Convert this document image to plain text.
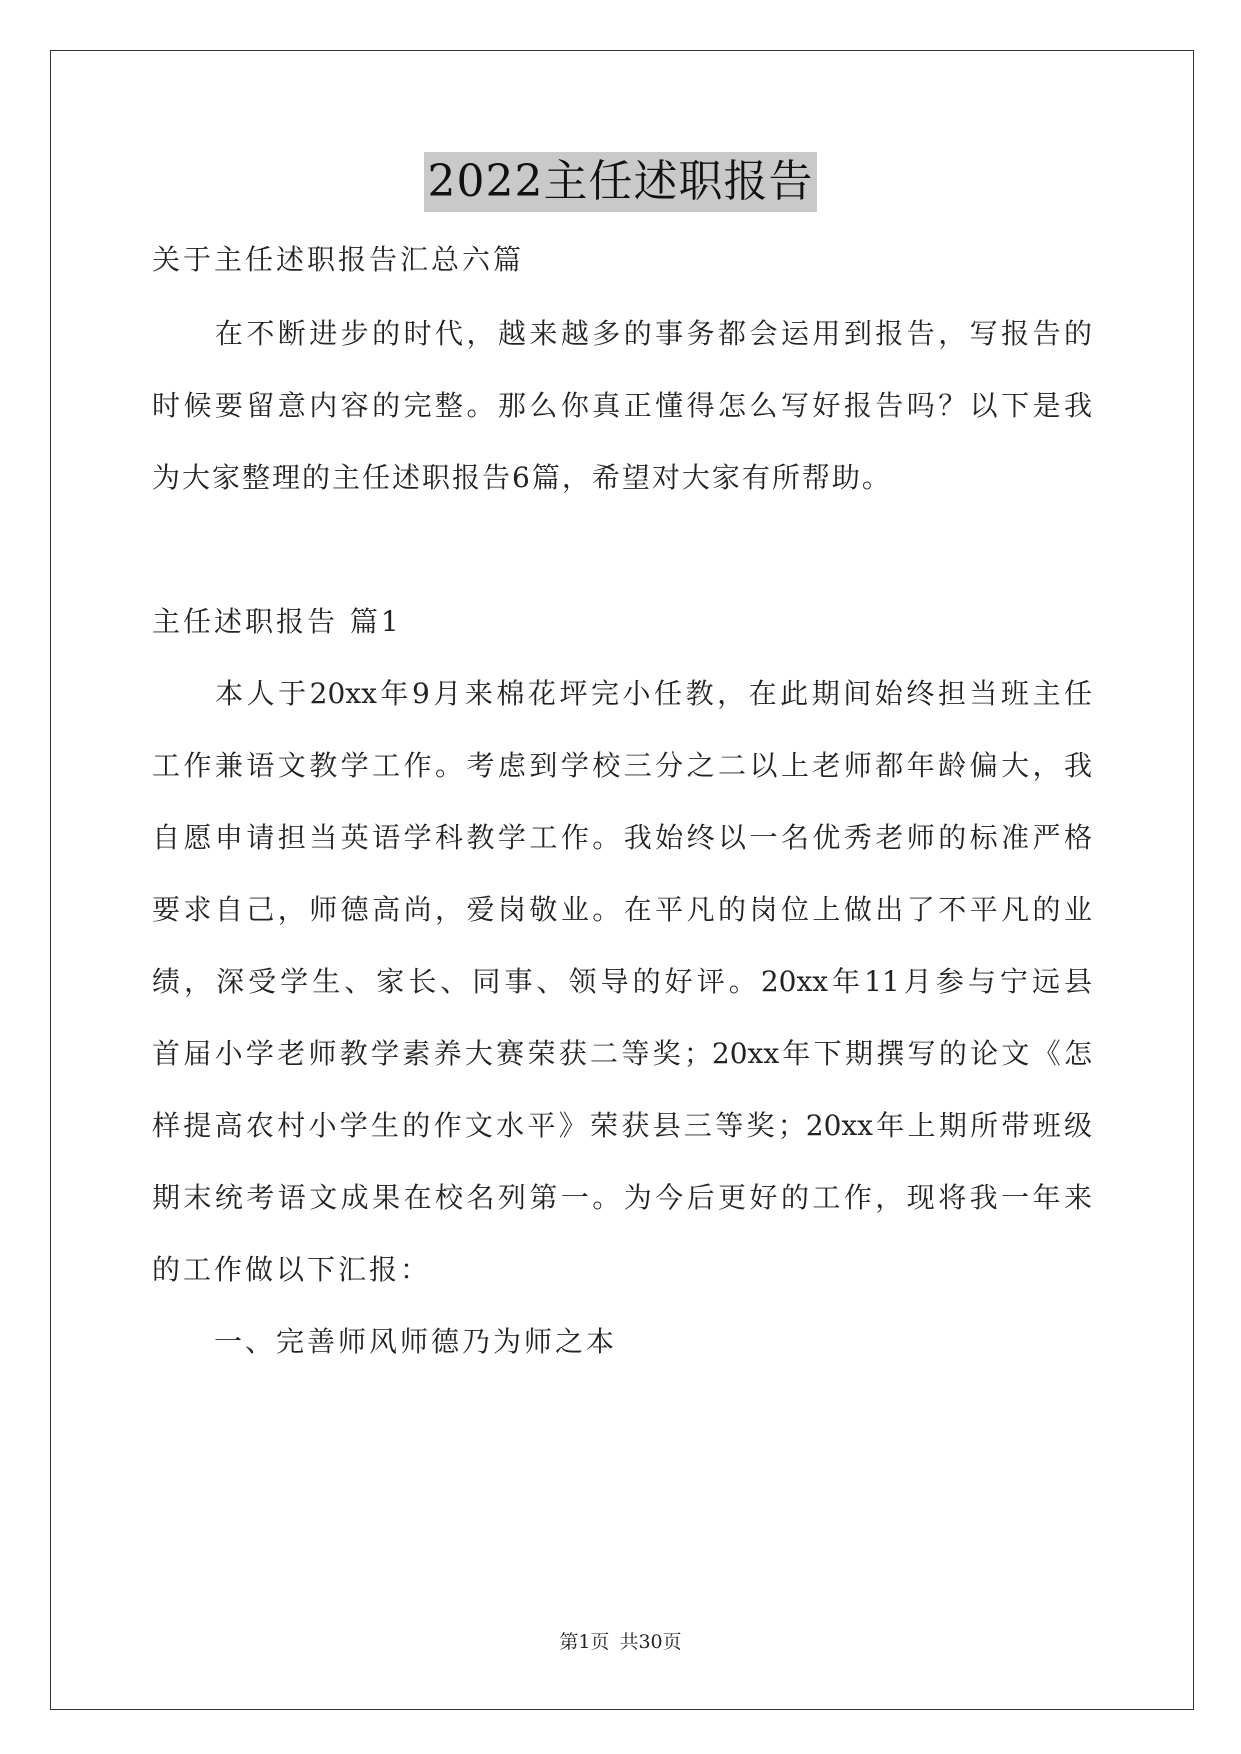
2022主任述职报告
关于主任述职报告汇总六篇
　　在不断进步的时代，越来越多的事务都会运用到报告，写报告的
时候要留意内容的完整。那么你真正懂得怎么写好报告吗？以下是我
为大家整理的主任述职报告6篇，希望对大家有所帮助。
主任述职报告 篇1
　　本人于20xx年9月来棉花坪完小任教，在此期间始终担当班主任
工作兼语文教学工作。考虑到学校三分之二以上老师都年龄偏大，我
自愿申请担当英语学科教学工作。我始终以一名优秀老师的标准严格
要求自己，师德高尚，爱岗敬业。在平凡的岗位上做出了不平凡的业
绩，深受学生、家长、同事、领导的好评。20xx年11月参与宁远县
首届小学老师教学素养大赛荣获二等奖；20xx年下期撰写的论文《怎
样提高农村小学生的作文水平》荣获县三等奖；20xx年上期所带班级
期末统考语文成果在校名列第一。为今后更好的工作，现将我一年来
的工作做以下汇报：
　　一、完善师风师德乃为师之本
第1页 共30页
